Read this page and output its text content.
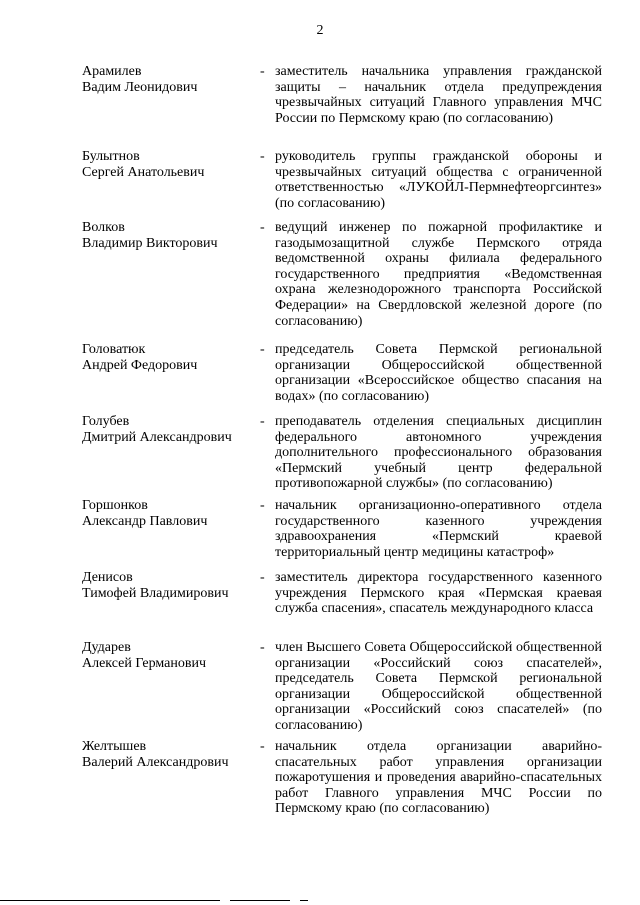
2
Арамилев
Вадим Леонидович
- заместитель начальника управления гражданской защиты – начальник отдела предупреждения чрезвычайных ситуаций Главного управления МЧС России по Пермскому краю (по согласованию)
Булытнов
Сергей Анатольевич
- руководитель группы гражданской обороны и чрезвычайных ситуаций общества с ограниченной ответственностью «ЛУКОЙЛ-Пермнефтеоргсинтез» (по согласованию)
Волков
Владимир Викторович
- ведущий инженер по пожарной профилактике и газодымозащитной службе Пермского отряда ведомственной охраны филиала федерального государственного предприятия «Ведомственная охрана железнодорожного транспорта Российской Федерации» на Свердловской железной дороге (по согласованию)
Головатюк
Андрей Федорович
- председатель Совета Пермской региональной организации Общероссийской общественной организации «Всероссийское общество спасания на водах» (по согласованию)
Голубев
Дмитрий Александрович
- преподаватель отделения специальных дисциплин федерального автономного учреждения дополнительного профессионального образования «Пермский учебный центр федеральной противопожарной службы» (по согласованию)
Горшонков
Александр Павлович
- начальник организационно-оперативного отдела государственного казенного учреждения здравоохранения «Пермский краевой территориальный центр медицины катастроф»
Денисов
Тимофей Владимирович
- заместитель директора государственного казенного учреждения Пермского края «Пермская краевая служба спасения», спасатель международного класса
Дударев
Алексей Германович
- член Высшего Совета Общероссийской общественной организации «Российский союз спасателей», председатель Совета Пермской региональной организации Общероссийской общественной организации «Российский союз спасателей» (по согласованию)
Желтышев
Валерий Александрович
- начальник отдела организации аварийно-спасательных работ управления организации пожаротушения и проведения аварийно-спасательных работ Главного управления МЧС России по Пермскому краю (по согласованию)
